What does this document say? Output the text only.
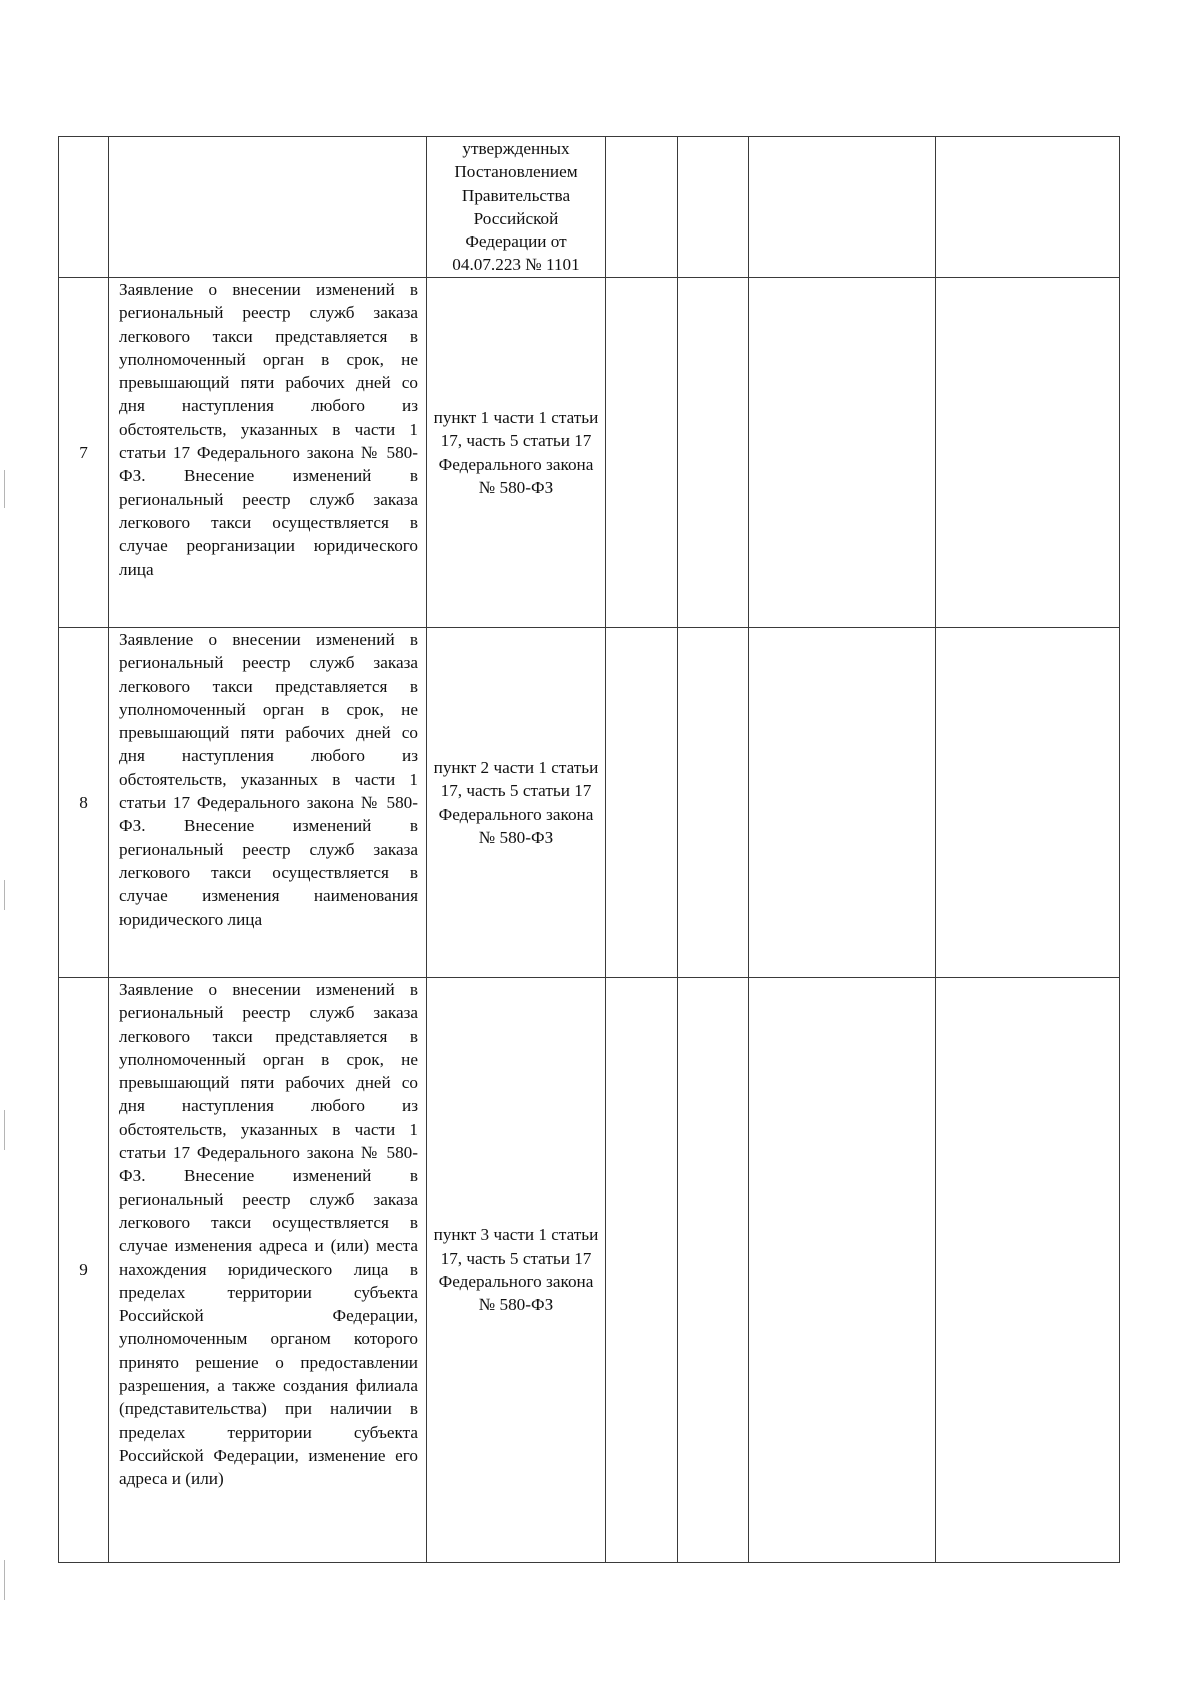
		утвержденных Постановлением Правительства Российской Федерации от 04.07.223 № 1101				
7	Заявление о внесении изменений в региональный реестр служб заказа легкового такси представляется в уполномоченный орган в срок, не превышающий пяти рабочих дней со дня наступления любого из обстоятельств, указанных в части 1 статьи 17 Федерального закона № 580-ФЗ. Внесение изменений в региональный реестр служб заказа легкового такси осуществляется в случае реорганизации юридического лица	пункт 1 части 1 статьи 17, часть 5 статьи 17 Федерального закона № 580-ФЗ				
8	Заявление о внесении изменений в региональный реестр служб заказа легкового такси представляется в уполномоченный орган в срок, не превышающий пяти рабочих дней со дня наступления любого из обстоятельств, указанных в части 1 статьи 17 Федерального закона № 580-ФЗ. Внесение изменений в региональный реестр служб заказа легкового такси осуществляется в случае изменения наименования юридического лица	пункт 2 части 1 статьи 17, часть 5 статьи 17 Федерального закона № 580-ФЗ				
9	Заявление о внесении изменений в региональный реестр служб заказа легкового такси представляется в уполномоченный орган в срок, не превышающий пяти рабочих дней со дня наступления любого из обстоятельств, указанных в части 1 статьи 17 Федерального закона № 580-ФЗ. Внесение изменений в региональный реестр служб заказа легкового такси осуществляется в случае изменения адреса и (или) места нахождения юридического лица в пределах территории субъекта Российской Федерации, уполномоченным органом которого принято решение о предоставлении разрешения, а также создания филиала (представительства) при наличии в пределах территории субъекта Российской Федерации, изменение его адреса и (или)	пункт 3 части 1 статьи 17, часть 5 статьи 17 Федерального закона № 580-ФЗ				
